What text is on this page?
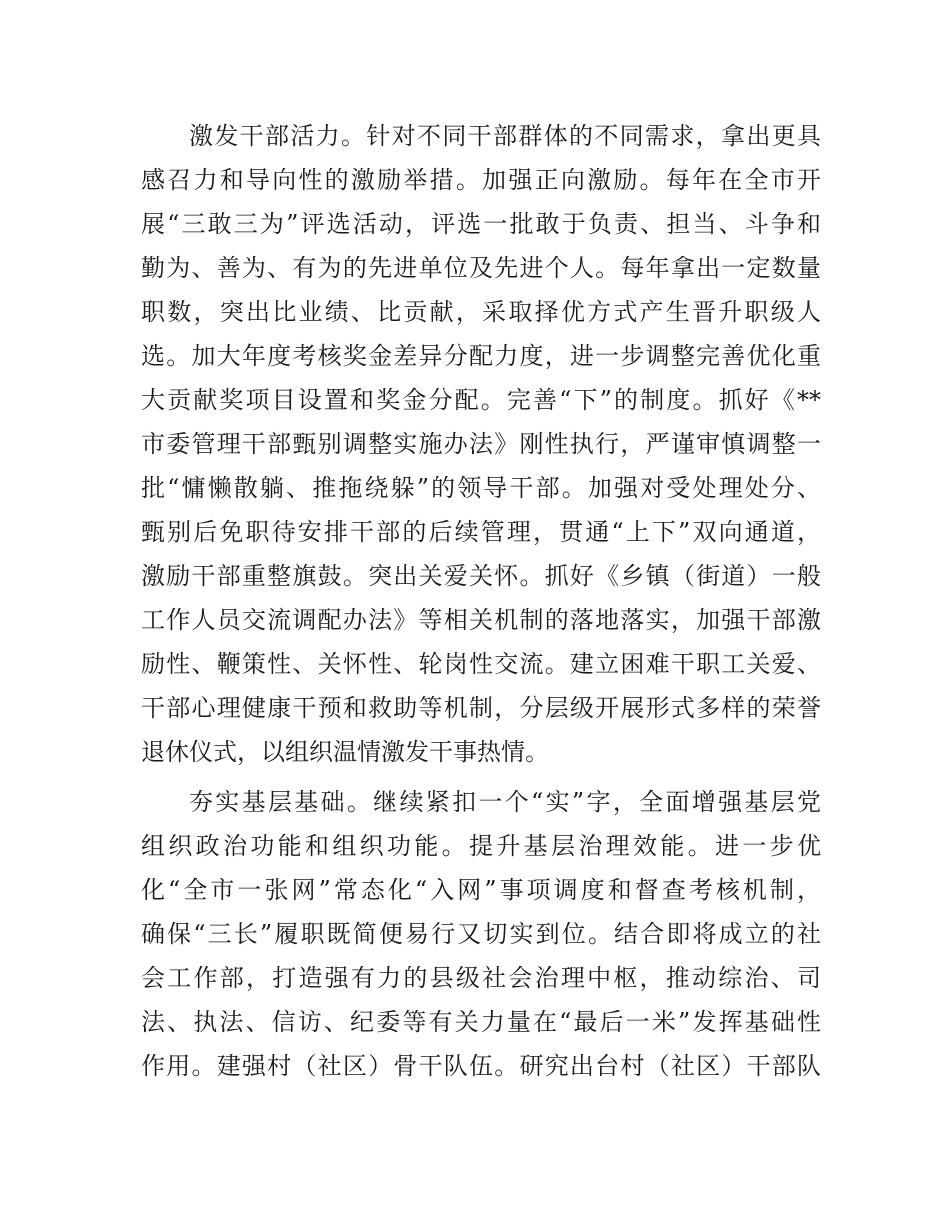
激发干部活力。针对不同干部群体的不同需求，拿出更具
感召力和导向性的激励举措。加强正向激励。每年在全市开
展“三敢三为”评选活动，评选一批敢于负责、担当、斗争和
勤为、善为、有为的先进单位及先进个人。每年拿出一定数量
职数，突出比业绩、比贡献，采取择优方式产生晋升职级人
选。加大年度考核奖金差异分配力度，进一步调整完善优化重
大贡献奖项目设置和奖金分配。完善“下”的制度。抓好《**
市委管理干部甄别调整实施办法》刚性执行，严谨审慎调整一
批“慵懒散躺、推拖绕躲”的领导干部。加强对受处理处分、
甄别后免职待安排干部的后续管理，贯通“上下”双向通道，
激励干部重整旗鼓。突出关爱关怀。抓好《乡镇（街道）一般
工作人员交流调配办法》等相关机制的落地落实，加强干部激
励性、鞭策性、关怀性、轮岗性交流。建立困难干职工关爱、
干部心理健康干预和救助等机制，分层级开展形式多样的荣誉
退休仪式，以组织温情激发干事热情。
夯实基层基础。继续紧扣一个“实”字，全面增强基层党
组织政治功能和组织功能。提升基层治理效能。进一步优
化“全市一张网”常态化“入网”事项调度和督查考核机制，
确保“三长”履职既简便易行又切实到位。结合即将成立的社
会工作部，打造强有力的县级社会治理中枢，推动综治、司
法、执法、信访、纪委等有关力量在“最后一米”发挥基础性
作用。建强村（社区）骨干队伍。研究出台村（社区）干部队
